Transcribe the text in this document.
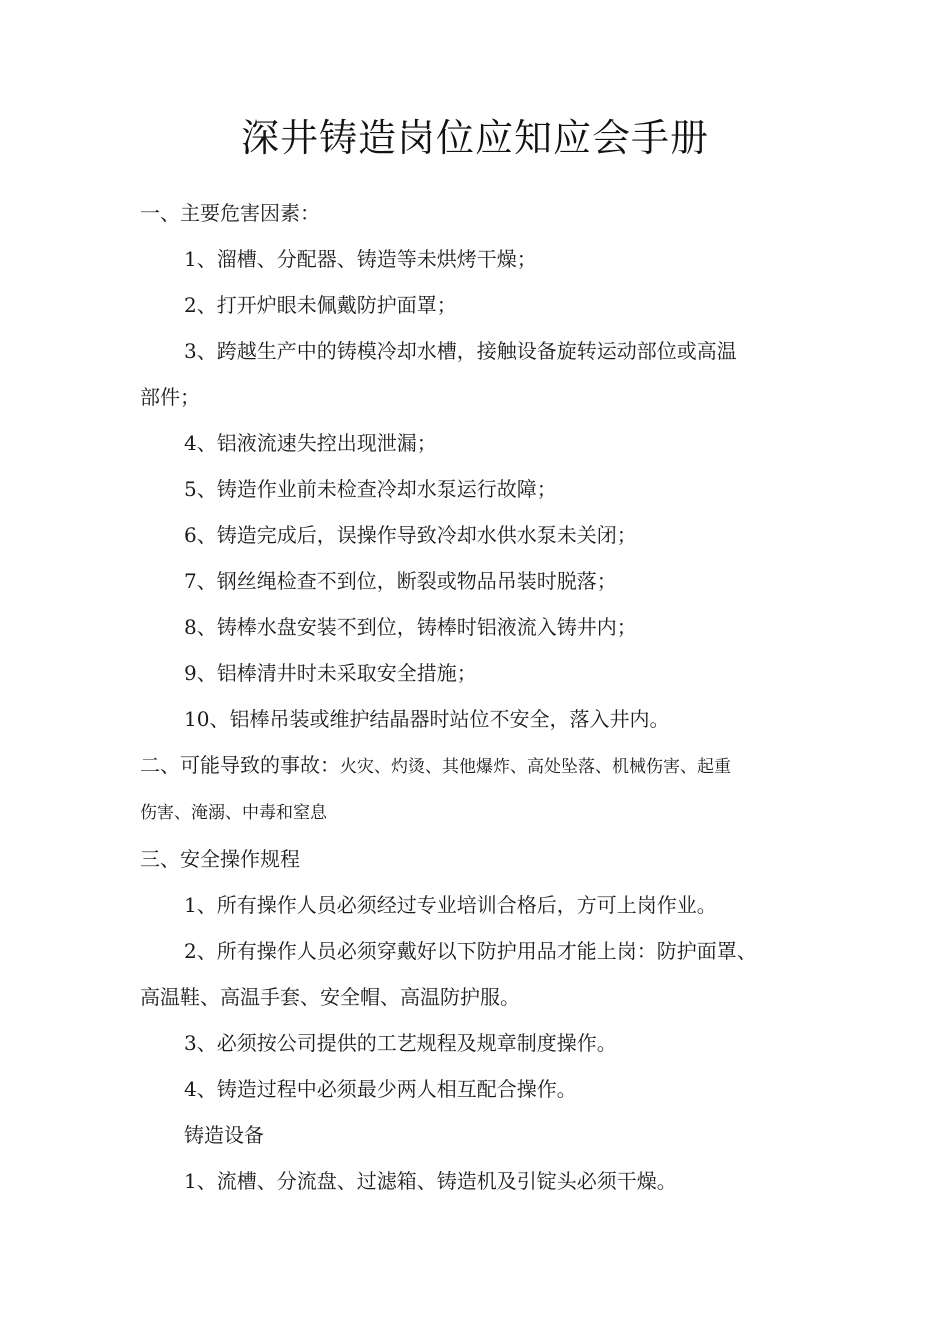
深井铸造岗位应知应会手册
一、主要危害因素：
1、溜槽、分配器、铸造等未烘烤干燥；
2、打开炉眼未佩戴防护面罩；
3、跨越生产中的铸模冷却水槽，接触设备旋转运动部位或高温
部件；
4、铝液流速失控出现泄漏；
5、铸造作业前未检查冷却水泵运行故障；
6、铸造完成后，误操作导致冷却水供水泵未关闭；
7、钢丝绳检查不到位，断裂或物品吊装时脱落；
8、铸棒水盘安装不到位，铸棒时铝液流入铸井内；
9、铝棒清井时未采取安全措施；
10、铝棒吊装或维护结晶器时站位不安全，落入井内。
二、可能导致的事故：火灾、灼烫、其他爆炸、高处坠落、机械伤害、起重
伤害、淹溺、中毒和窒息
三、安全操作规程
1、所有操作人员必须经过专业培训合格后，方可上岗作业。
2、所有操作人员必须穿戴好以下防护用品才能上岗：防护面罩、
高温鞋、高温手套、安全帽、高温防护服。
3、必须按公司提供的工艺规程及规章制度操作。
4、铸造过程中必须最少两人相互配合操作。
铸造设备
1、流槽、分流盘、过滤箱、铸造机及引锭头必须干燥。
